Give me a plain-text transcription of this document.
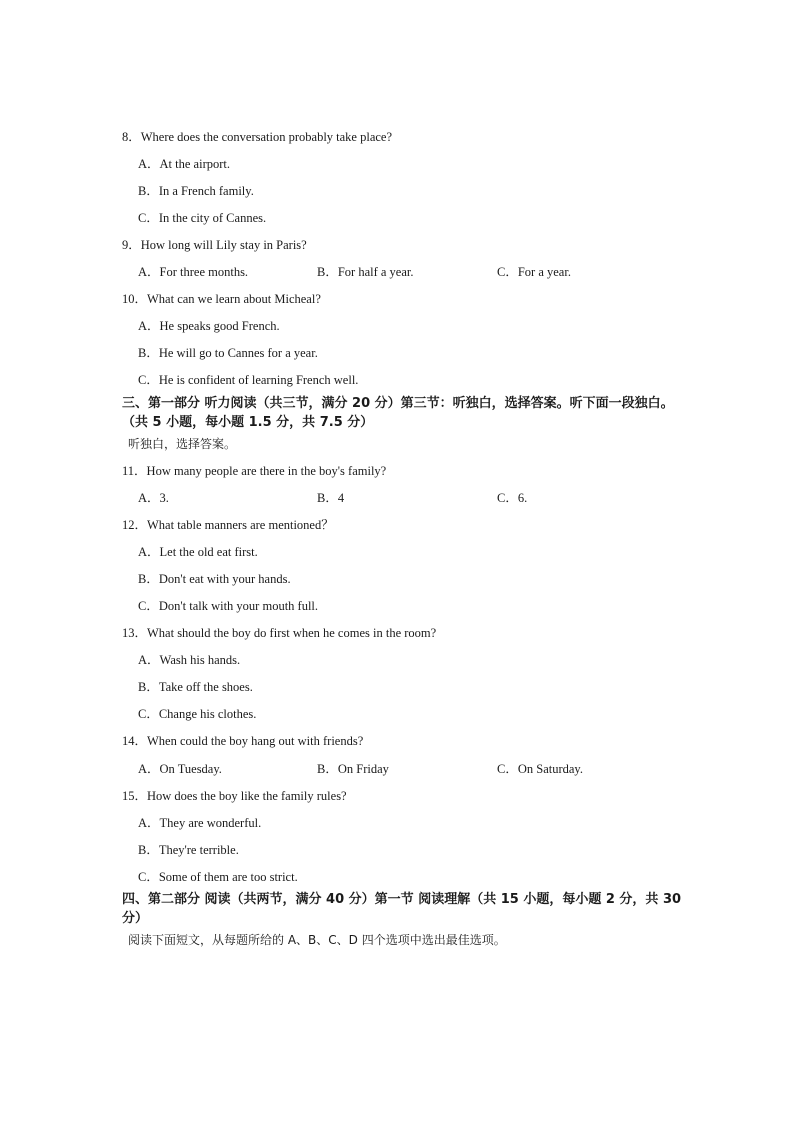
8．Where does the conversation probably take place?
A．At the airport.
B．In a French family.
C．In the city of Cannes.
9．How long will Lily stay in Paris?
A．For three months.	B．For half a year.	C．For a year.
10．What can we learn about Micheal?
A．He speaks good French.
B．He will go to Cannes for a year.
C．He is confident of learning French well.
三、第一部分 听力阅读（共三节，满分 20 分）第三节：听独白，选择答案。听下面一段独白。（共 5 小题，每小题 1.5 分，共 7.5 分）
听独白，选择答案。
11．How many people are there in the boy's family?
A．3.	B．4	C．6.
12．What table manners are mentioned？
A．Let the old eat first.
B．Don't eat with your hands.
C．Don't talk with your mouth full.
13．What should the boy do first when he comes in the room?
A．Wash his hands.
B．Take off the shoes.
C．Change his clothes.
14．When could the boy hang out with friends?
A．On Tuesday.	B．On Friday	C．On Saturday.
15．How does the boy like the family rules?
A．They are wonderful.
B．They're terrible.
C．Some of them are too strict.
四、第二部分 阅读（共两节，满分 40 分）第一节 阅读理解（共 15 小题，每小题 2 分，共 30 分）
阅读下面短文，从每题所给的 A、B、C、D 四个选项中选出最佳选项。
